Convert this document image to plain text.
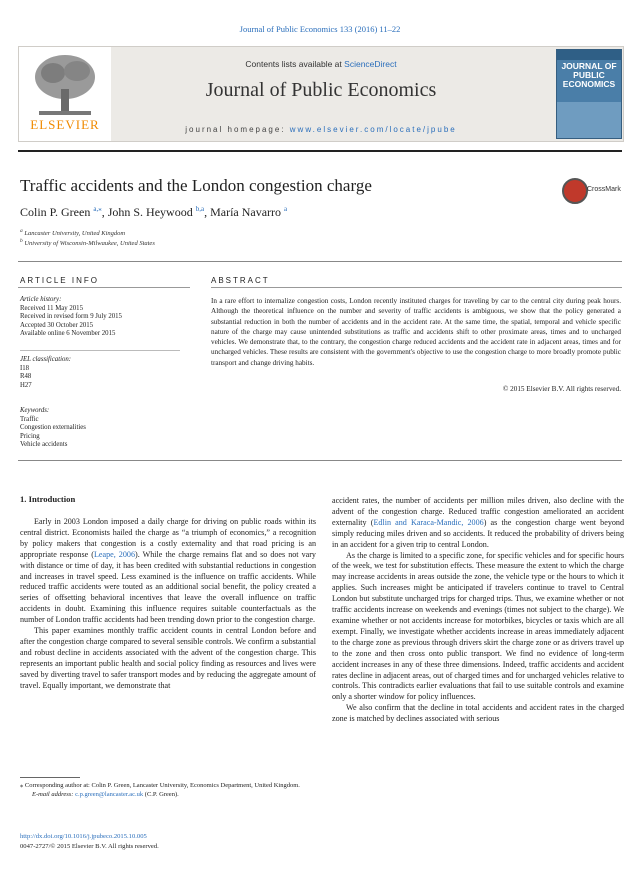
Journal of Public Economics 133 (2016) 11–22
ELSEVIER
Contents lists available at ScienceDirect
Journal of Public Economics
journal homepage: www.elsevier.com/locate/jpube
JOURNAL OF PUBLIC ECONOMICS
Traffic accidents and the London congestion charge	CrossMark
Colin P. Green $^{a,⁎}$, John S. Heywood $^{b,a}$, María Navarro $^a$
$^a$ Lancaster University, United Kingdom
$^b$ University of Wisconsin-Milwaukee, United States
ARTICLE INFO
Article history:
Received 11 May 2015
Received in revised form 9 July 2015
Accepted 30 October 2015
Available online 6 November 2015
JEL classification:
I18
R48
H27
Keywords:
Traffic
Congestion externalities
Pricing
Vehicle accidents
ABSTRACT
In a rare effort to internalize congestion costs, London recently instituted charges for traveling by car to the central city during peak hours. Although the theoretical influence on the number and severity of traffic accidents is ambiguous, we show that the policy generated a substantial reduction in both the number of accidents and in the accident rate. At the same time, the spatial, temporal and vehicle specific nature of the charge may cause unintended substitutions as traffic and accidents shift to other proximate areas, times and to uncharged vehicles. We demonstrate that, to the contrary, the congestion charge reduced accidents and the accident rate in adjacent areas, times and for uncharged vehicles. These results are consistent with the government's objective to use the congestion charge to more broadly promote public transport and change driving habits.
© 2015 Elsevier B.V. All rights reserved.
1. Introduction

Early in 2003 London imposed a daily charge for driving on public roads within its central district. Economists hailed the charge as “a triumph of economics,” a recognition by policy makers that congestion is a costly externality and that road pricing is an appropriate response (Leape, 2006). While the charge remains flat and so does not vary with distance or time of day, it has been credited with substantial reductions in congestion and increases in travel speed. Less examined is the influence on traffic accidents. While reduced traffic accidents were touted as an additional social benefit, the policy created a series of offsetting behavioral incentives that leave the overall influence on traffic accidents in doubt. Examining this influence requires suitable counterfactuals as the number of London traffic accidents had been trending down prior to the congestion charge.

This paper examines monthly traffic accident counts in central London before and after the congestion charge compared to several sensible controls. We confirm a substantial and robust decline in accidents associated with the advent of the congestion charge. This represents an important public health and social policy finding as resources and lives were saved by diverting travel to safer transport modes and by reducing the aggregate amount of travel. Equally important, we demonstrate that

accident rates, the number of accidents per million miles driven, also decline with the advent of the congestion charge. Reduced traffic congestion ameliorated an accident externality (Edlin and Karaca-Mandic, 2006) as the congestion charge went beyond simply reducing miles driven and so accidents. It reduced the probability of drivers being in an accident for a given trip to central London.

As the charge is limited to a specific zone, for specific vehicles and for specific hours of the week, we test for substitution effects. These measure the extent to which the charge may increase accidents in areas outside the zone, the vehicle type or the hours to which it applies. Such increases might be anticipated if travelers continue to travel to Central London but substitute uncharged trips for charged trips. Thus, we examine whether or not traffic accidents increase on weekends and evenings (times not subject to the charge). We examine whether or not accidents increase for motorbikes, bicycles or taxis which are all exempt. Finally, we investigate whether accidents increase in areas immediately adjacent to the charge zone as previous through drivers skirt the charge zone or as drivers travel up to the zone and then cross onto public transport. We find no evidence of long-term accident increases in any of these three dimensions. Indeed, traffic accidents and accident rates decline in adjacent areas, out of charged times and for uncharged vehicles relative to controls. This contradicts earlier evaluations that fail to use suitable controls and examine only a shorter window for policy influences.

We also confirm that the decline in total accidents and accident rates in the charged zone is matched by declines associated with serious

⁎ Corresponding author at: Colin P. Green, Lancaster University, Economics Department, United Kingdom.
E-mail address: c.p.green@lancaster.ac.uk (C.P. Green).
http://dx.doi.org/10.1016/j.jpubeco.2015.10.005
0047-2727/© 2015 Elsevier B.V. All rights reserved.
